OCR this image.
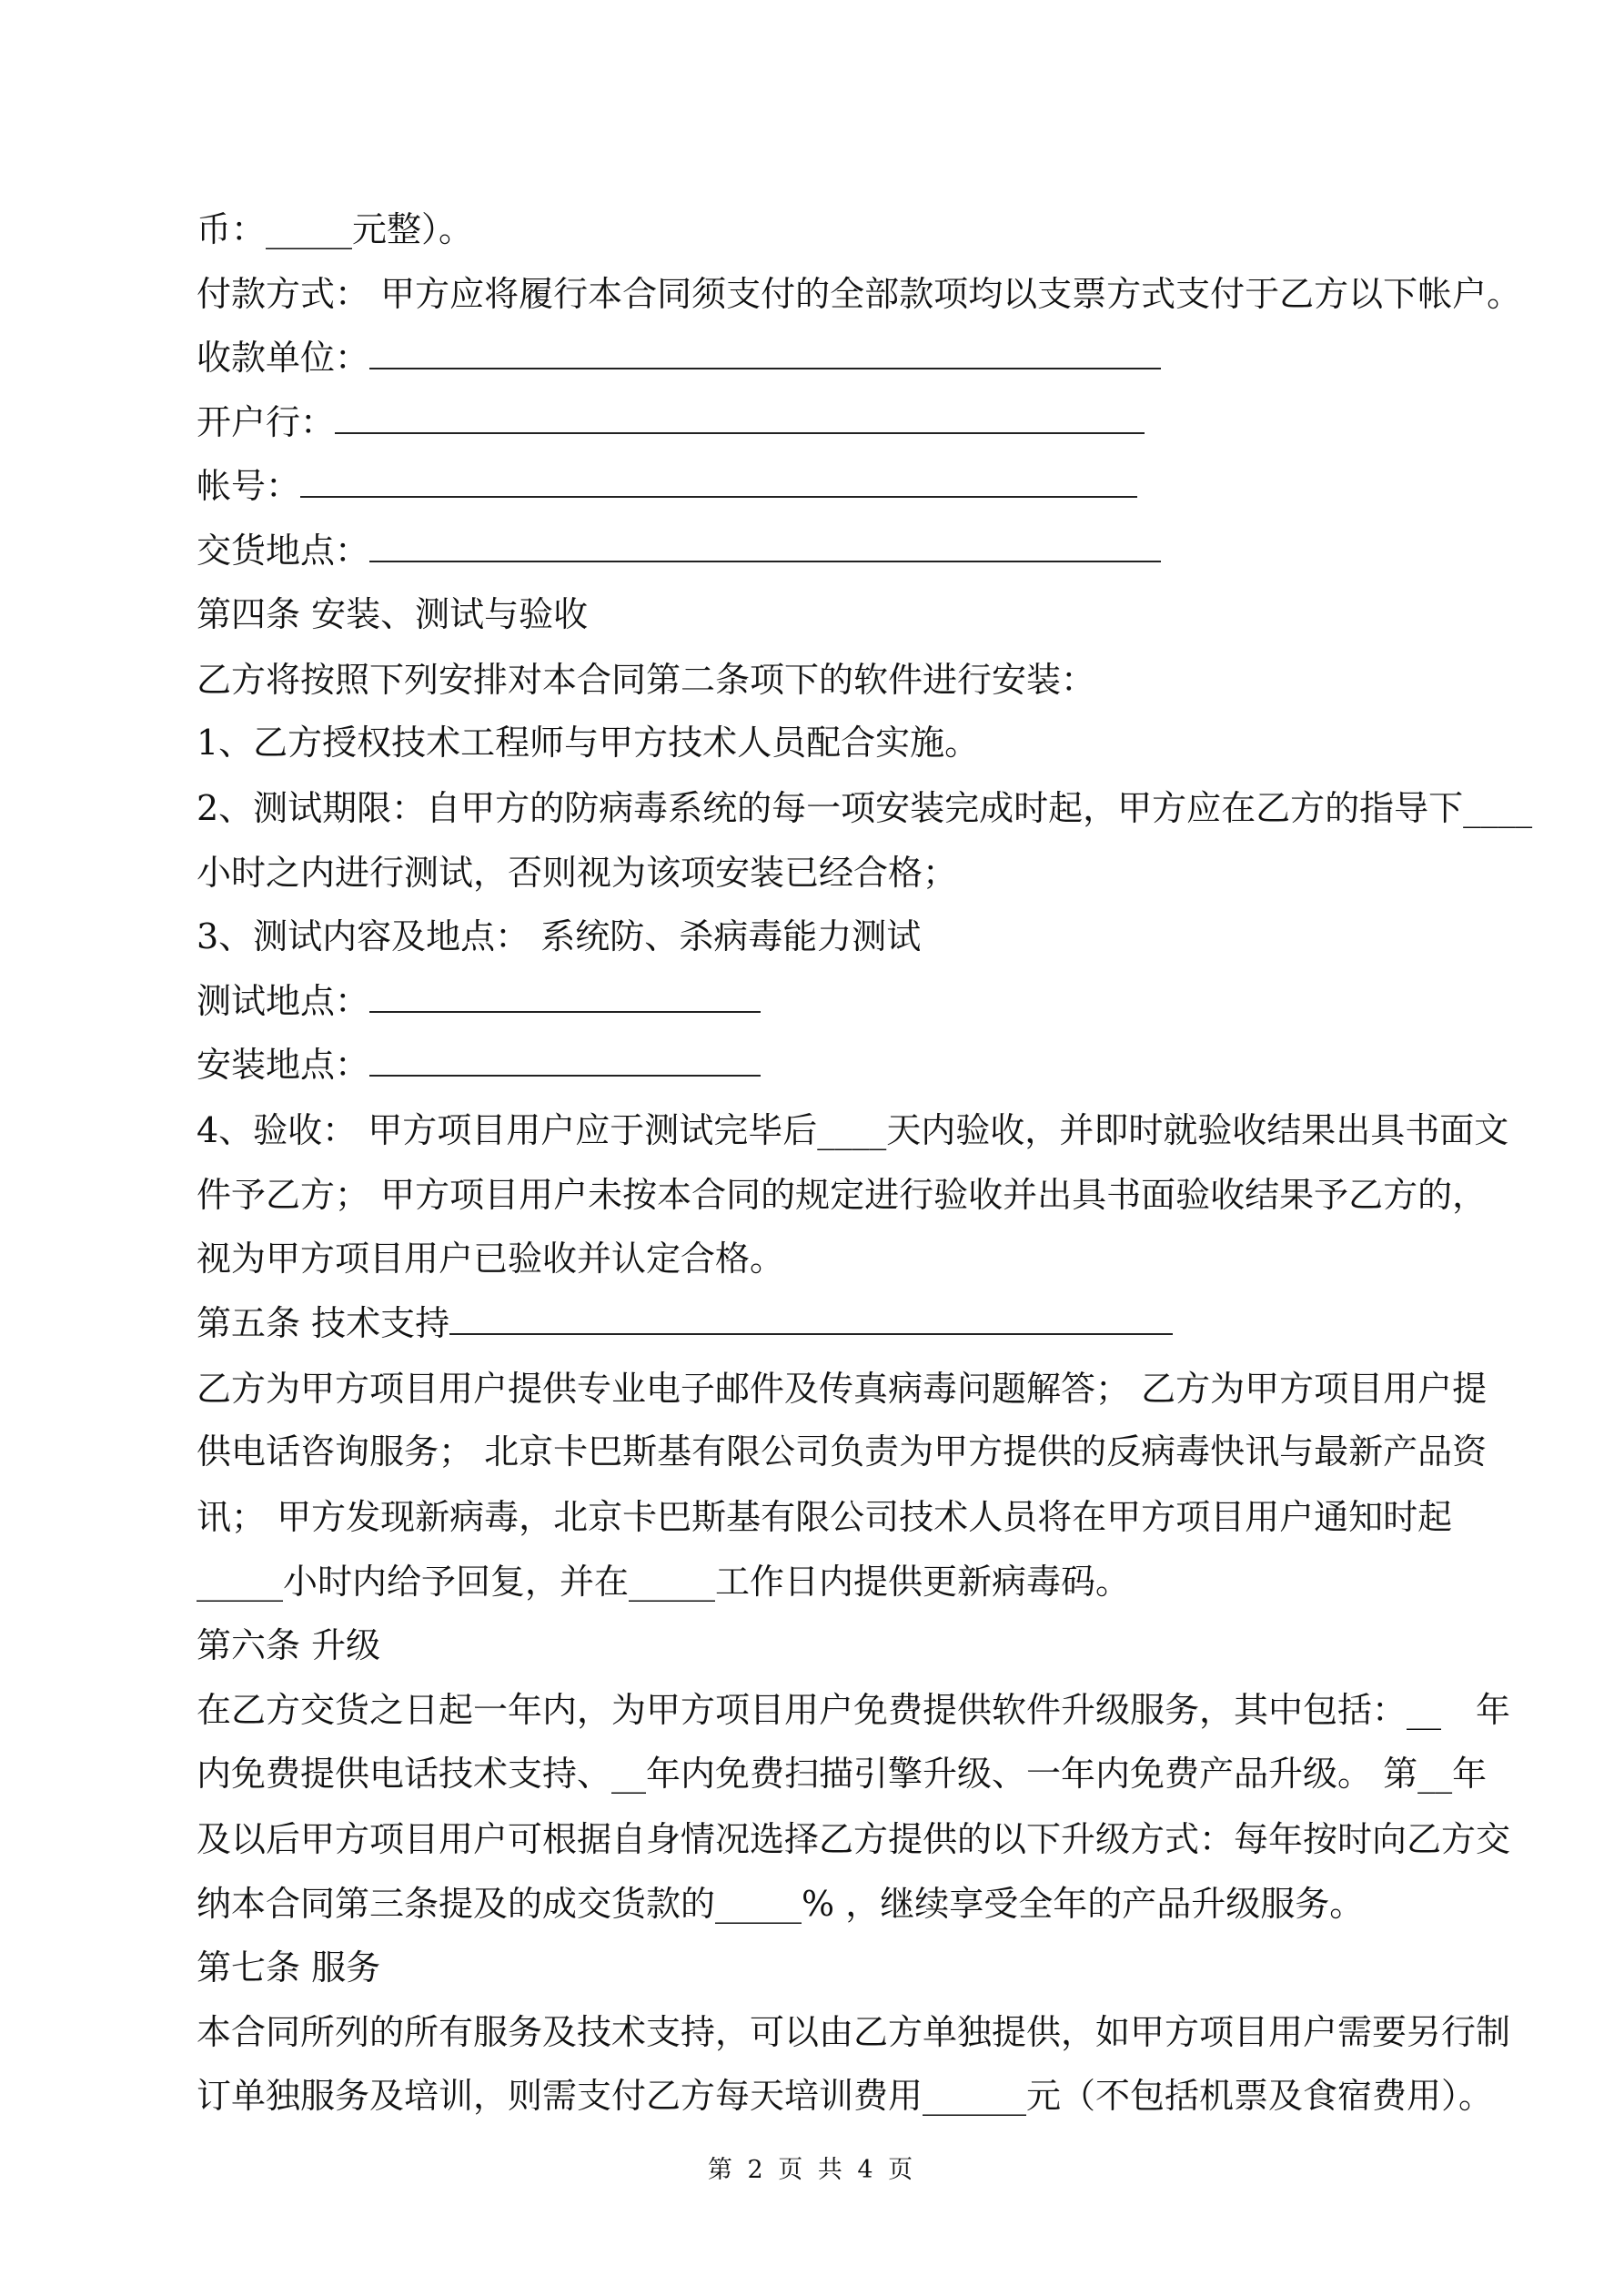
币：_____元整）。
付款方式： 甲方应将履行本合同须支付的全部款项均以支票方式支付于乙方以下帐户。
收款单位：
开户行：
帐号：
交货地点：
第四条 安装、测试与验收
乙方将按照下列安排对本合同第二条项下的软件进行安装：
1、乙方授权技术工程师与甲方技术人员配合实施。
2、测试期限：自甲方的防病毒系统的每一项安装完成时起，甲方应在乙方的指导下____
小时之内进行测试，否则视为该项安装已经合格；
3、测试内容及地点： 系统防、杀病毒能力测试
测试地点：
安装地点：
4、验收： 甲方项目用户应于测试完毕后____天内验收，并即时就验收结果出具书面文
件予乙方； 甲方项目用户未按本合同的规定进行验收并出具书面验收结果予乙方的，
视为甲方项目用户已验收并认定合格。
第五条 技术支持
乙方为甲方项目用户提供专业电子邮件及传真病毒问题解答； 乙方为甲方项目用户提
供电话咨询服务； 北京卡巴斯基有限公司负责为甲方提供的反病毒快讯与最新产品资
讯； 甲方发现新病毒，北京卡巴斯基有限公司技术人员将在甲方项目用户通知时起
_____小时内给予回复，并在_____工作日内提供更新病毒码。
第六条 升级
在乙方交货之日起一年内，为甲方项目用户免费提供软件升级服务，其中包括：__　年
内免费提供电话技术支持、__年内免费扫描引擎升级、一年内免费产品升级。 第__年
及以后甲方项目用户可根据自身情况选择乙方提供的以下升级方式：每年按时向乙方交
纳本合同第三条提及的成交货款的_____% ，继续享受全年的产品升级服务。
第七条 服务
本合同所列的所有服务及技术支持，可以由乙方单独提供，如甲方项目用户需要另行制
订单独服务及培训，则需支付乙方每天培训费用______元（不包括机票及食宿费用）。
第 2 页 共 4 页
